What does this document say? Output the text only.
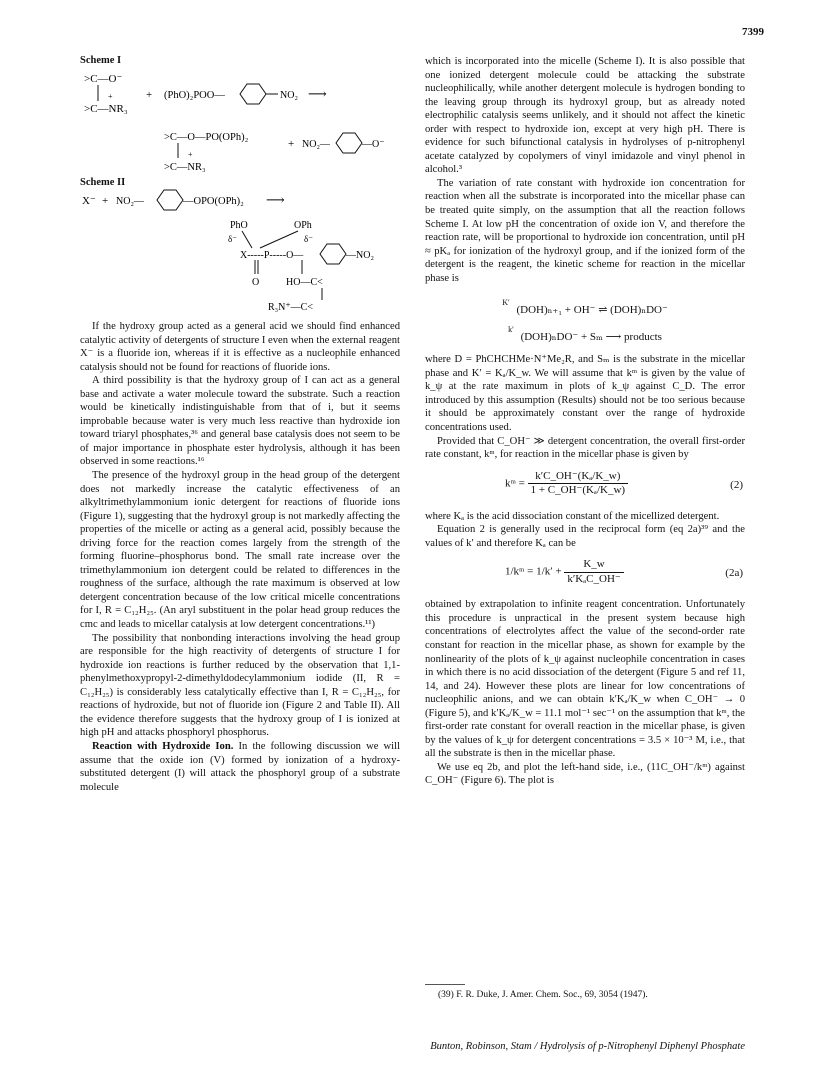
7399
Scheme I
>C—O⁻
+
>C—NR₃
+ (PhO)₂POO—	NO₂ ⟶
>C—O—PO(OPh)₂
+
>C—NR₃
+ NO₂—	—O⁻
Scheme II
X⁻ + NO₂—	—OPO(OPh)₂ ⟶
PhO	OPh
δ⁻	δ⁻
X-----P-----O—	—NO₂
O	HO—C<
R₃N⁺—C<

If the hydroxy group acted as a general acid we should find enhanced catalytic activity of detergents of structure I even when the external reagent X⁻ is a fluoride ion, whereas if it is effective as a nucleophile enhanced catalysis should not be found for reactions of fluoride ions.

A third possibility is that the hydroxy group of I can act as a general base and activate a water molecule toward the substrate. Such a reaction would be kinetically indistinguishable from that of i, but it seems improbable because water is very much less reactive than hydroxide ion toward triaryl phosphates,³⁶ and general base catalysis does not seem to be of major importance in phosphate ester hydrolysis, although it has been observed in some reactions.¹⁶

The presence of the hydroxyl group in the head group of the detergent does not markedly increase the catalytic effectiveness of an alkyltrimethylammonium ionic detergent for reactions of fluoride ions (Figure 1), suggesting that the hydroxyl group is not markedly affecting the properties of the micelle or acting as a general acid, possibly because the driving force for the reaction comes largely from the strength of the forming fluorine–phosphorus bond. The small rate increase over the trimethylammonium ion detergent could be related to differences in the roughness of the surface, although the rate maximum is observed at low detergent concentration because of the low critical micelle concentrations for I, R = C₁₂H₂₅. (An aryl substituent in the polar head group reduces the cmc and leads to micellar catalysis at low detergent concentrations.¹¹)

The possibility that nonbonding interactions involving the head group are responsible for the high reactivity of detergents of structure I for hydroxide ion reactions is further reduced by the observation that 1,1-phenylmethoxypropyl-2-dimethyldodecylammonium iodide (II, R = C₁₂H₂₅) is considerably less catalytically effective than I, R = C₁₂H₂₅, for reactions of hydroxide, but not of fluoride ion (Figure 2 and Table II). All the evidence therefore suggests that the hydroxy group of I is ionized at high pH and attacks phosphoryl phosphorus.

Reaction with Hydroxide Ion. In the following discussion we will assume that the oxide ion (V) formed by ionization of a hydroxy-substituted detergent (I) will attack the phosphoryl group of a substrate molecule

which is incorporated into the micelle (Scheme I). It is also possible that one ionized detergent molecule could be attacking the substrate nucleophilically, while another detergent molecule is hydrogen bonding to the leaving group through its hydroxyl group, but as already noted electrophilic catalysis seems unlikely, and it should not affect the kinetic order with respect to hydroxide ion, except at very high pH. There is evidence for such bifunctional catalysis in hydrolyses of p-nitrophenyl acetate catalyzed by copolymers of vinyl imidazole and vinyl phenol in alcohol.³

The variation of rate constant with hydroxide ion concentration for reaction when all the substrate is incorporated into the micellar phase can be treated quite simply, on the assumption that all the reaction follows Scheme I. At low pH the concentration of oxide ion V, and therefore the reaction rate, will be proportional to hydroxide ion concentration, until pH ≈ pKₐ for ionization of the hydroxyl group, and if the ionized form of the detergent is the reagent, the kinetic scheme for reaction in the micellar phase is

$^{K'}$ (DOH)ₙ₊₁ + OH⁻ ⇌ (DOH)ₙDO⁻
$^{k'}$ (DOH)ₙDO⁻ + Sₘ ⟶ products

where D = PhCHCHMe·N⁺Me₂R, and Sₘ is the substrate in the micellar phase and K′ = Kₐ/K_w. We will assume that kᵐ is given by the value of k_ψ at the rate maximum in plots of k_ψ against C_D. The error introduced by this assumption (Results) should not be too serious because it should be approximately constant over the range of hydroxide concentrations used.

Provided that C_OH⁻ ≫ detergent concentration, the overall first-order rate constant, kᵐ, for reaction in the micellar phase is given by

kᵐ = $\frac{\text{k′C\_OH⁻(Kₐ/K\_w)}}{\text{1 + C\_OH⁻(Kₐ/K\_w)}}$	(2)

where Kₐ is the acid dissociation constant of the micellized detergent.

Equation 2 is generally used in the reciprocal form (eq 2a)³⁹ and the values of k′ and therefore Kₐ can be

1/kᵐ = $1/k' + \frac{K\_w}{\text{k′KₐC\_OH⁻}}$	(2a)

obtained by extrapolation to infinite reagent concentration. Unfortunately this procedure is unpractical in the present system because high concentrations of electrolytes affect the value of the second-order rate constant for reaction in the micellar phase, as shown for example by the nonlinearity of the plots of k_ψ against nucleophile concentration in cases in which there is no acid dissociation of the detergent (Figure 5 and ref 11, 14, and 24). However these plots are linear for low concentrations of nucleophilic anions, and we can obtain k′Kₐ/K_w when C_OH⁻ → 0 (Figure 5), and k′Kₐ/K_w = 11.1 mol⁻¹ sec⁻¹ on the assumption that kᵐ, the first-order rate constant for overall reaction in the micellar phase, is given by the values of k_ψ for detergent concentrations = 3.5 × 10⁻³ M, i.e., that all the substrate is then in the micellar phase.

We use eq 2b, and plot the left-hand side, i.e., (11C_OH⁻/kᵐ) against C_OH⁻ (Figure 6). The plot is

(39) F. R. Duke, J. Amer. Chem. Soc., 69, 3054 (1947).
Bunton, Robinson, Stam / Hydrolysis of p-Nitrophenyl Diphenyl Phosphate
